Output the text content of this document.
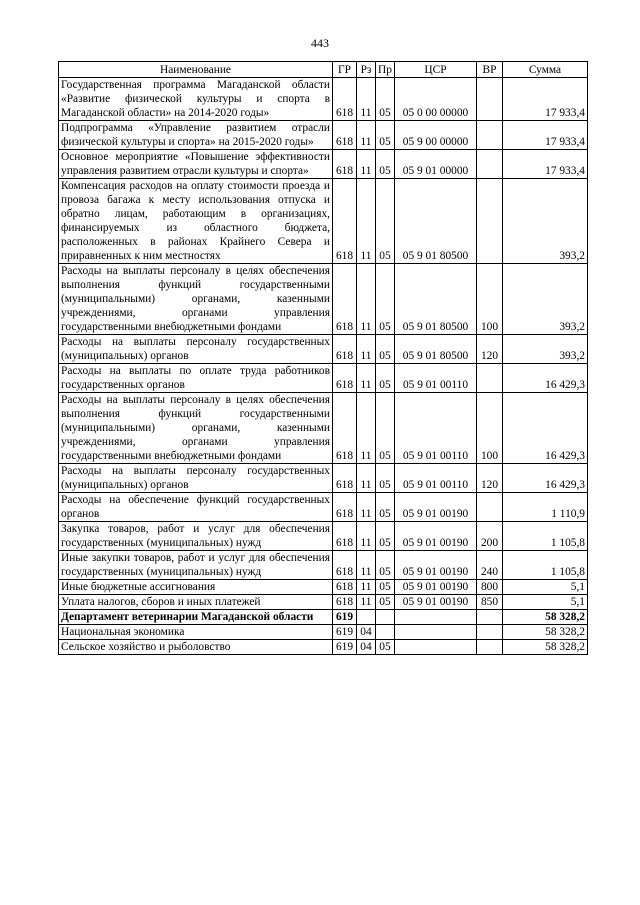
443
Наименование	ГР	Рз	Пр	ЦСР	ВР	Сумма
Государственная программа Магаданской области «Развитие физической культуры и спорта в Магаданской области» на 2014-2020 годы»	618	11	05	05 0 00 00000		17 933,4
Подпрограмма «Управление развитием отрасли физической культуры и спорта» на 2015-2020 годы»	618	11	05	05 9 00 00000		17 933,4
Основное мероприятие «Повышение эффективности управления развитием отрасли культуры и спорта»	618	11	05	05 9 01 00000		17 933,4
Компенсация расходов на оплату стоимости проезда и провоза багажа к месту использования отпуска и обратно лицам, работающим в организациях, финансируемых из областного бюджета, расположенных в районах Крайнего Севера и приравненных к ним местностях	618	11	05	05 9 01 80500		393,2
Расходы на выплаты персоналу в целях обеспечения выполнения функций государственными (муниципальными) органами, казенными учреждениями, органами управления государственными внебюджетными фондами	618	11	05	05 9 01 80500	100	393,2
Расходы на выплаты персоналу государственных (муниципальных) органов	618	11	05	05 9 01 80500	120	393,2
Расходы на выплаты по оплате труда работников государственных органов	618	11	05	05 9 01 00110		16 429,3
Расходы на выплаты персоналу в целях обеспечения выполнения функций государственными (муниципальными) органами, казенными учреждениями, органами управления государственными внебюджетными фондами	618	11	05	05 9 01 00110	100	16 429,3
Расходы на выплаты персоналу государственных (муниципальных) органов	618	11	05	05 9 01 00110	120	16 429,3
Расходы на обеспечение функций государственных органов	618	11	05	05 9 01 00190		1 110,9
Закупка товаров, работ и услуг для обеспечения государственных (муниципальных) нужд	618	11	05	05 9 01 00190	200	1 105,8
Иные закупки товаров, работ и услуг для обеспечения государственных (муниципальных) нужд	618	11	05	05 9 01 00190	240	1 105,8
Иные бюджетные ассигнования	618	11	05	05 9 01 00190	800	5,1
Уплата налогов, сборов и иных платежей	618	11	05	05 9 01 00190	850	5,1
Департамент ветеринарии Магаданской области	619					58 328,2
Национальная экономика	619	04				58 328,2
Сельское хозяйство и рыболовство	619	04	05			58 328,2
